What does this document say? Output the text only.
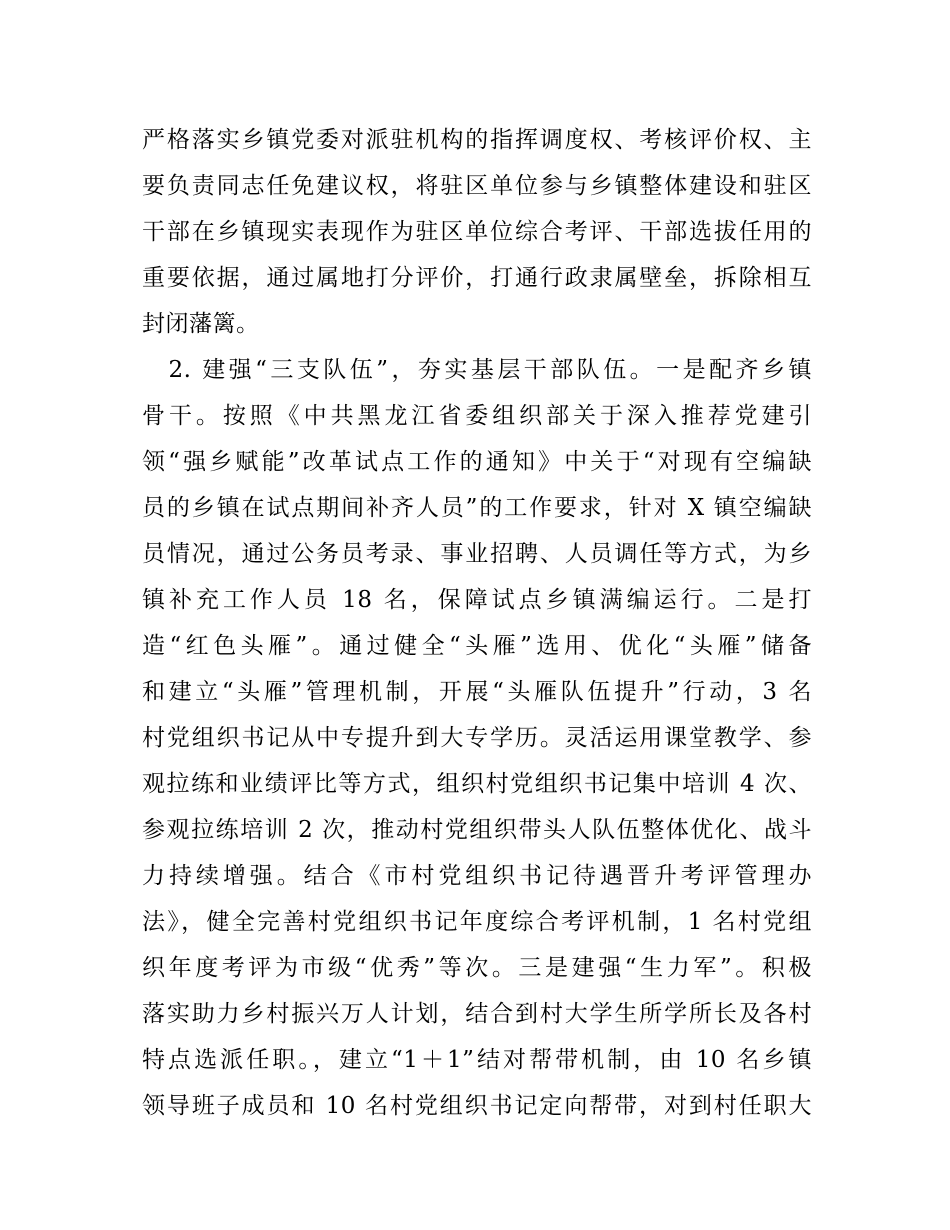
严格落实乡镇党委对派驻机构的指挥调度权、考核评价权、主
要负责同志任免建议权，将驻区单位参与乡镇整体建设和驻区
干部在乡镇现实表现作为驻区单位综合考评、干部选拔任用的
重要依据，通过属地打分评价，打通行政隶属壁垒，拆除相互
封闭藩篱。
　2. 建强“三支队伍”，夯实基层干部队伍。一是配齐乡镇
骨干。按照《中共黑龙江省委组织部关于深入推荐党建引
领“强乡赋能”改革试点工作的通知》中关于“对现有空编缺
员的乡镇在试点期间补齐人员”的工作要求，针对 X 镇空编缺
员情况，通过公务员考录、事业招聘、人员调任等方式，为乡
镇补充工作人员 18 名，保障试点乡镇满编运行。二是打
造“红色头雁”。通过健全“头雁”选用、优化“头雁”储备
和建立“头雁”管理机制，开展“头雁队伍提升”行动，3 名
村党组织书记从中专提升到大专学历。灵活运用课堂教学、参
观拉练和业绩评比等方式，组织村党组织书记集中培训 4 次、
参观拉练培训 2 次，推动村党组织带头人队伍整体优化、战斗
力持续增强。结合《市村党组织书记待遇晋升考评管理办
法》，健全完善村党组织书记年度综合考评机制，1 名村党组
织年度考评为市级“优秀”等次。三是建强“生力军”。积极
落实助力乡村振兴万人计划，结合到村大学生所学所长及各村
特点选派任职。，建立“1＋1”结对帮带机制，由 10 名乡镇
领导班子成员和 10 名村党组织书记定向帮带，对到村任职大
